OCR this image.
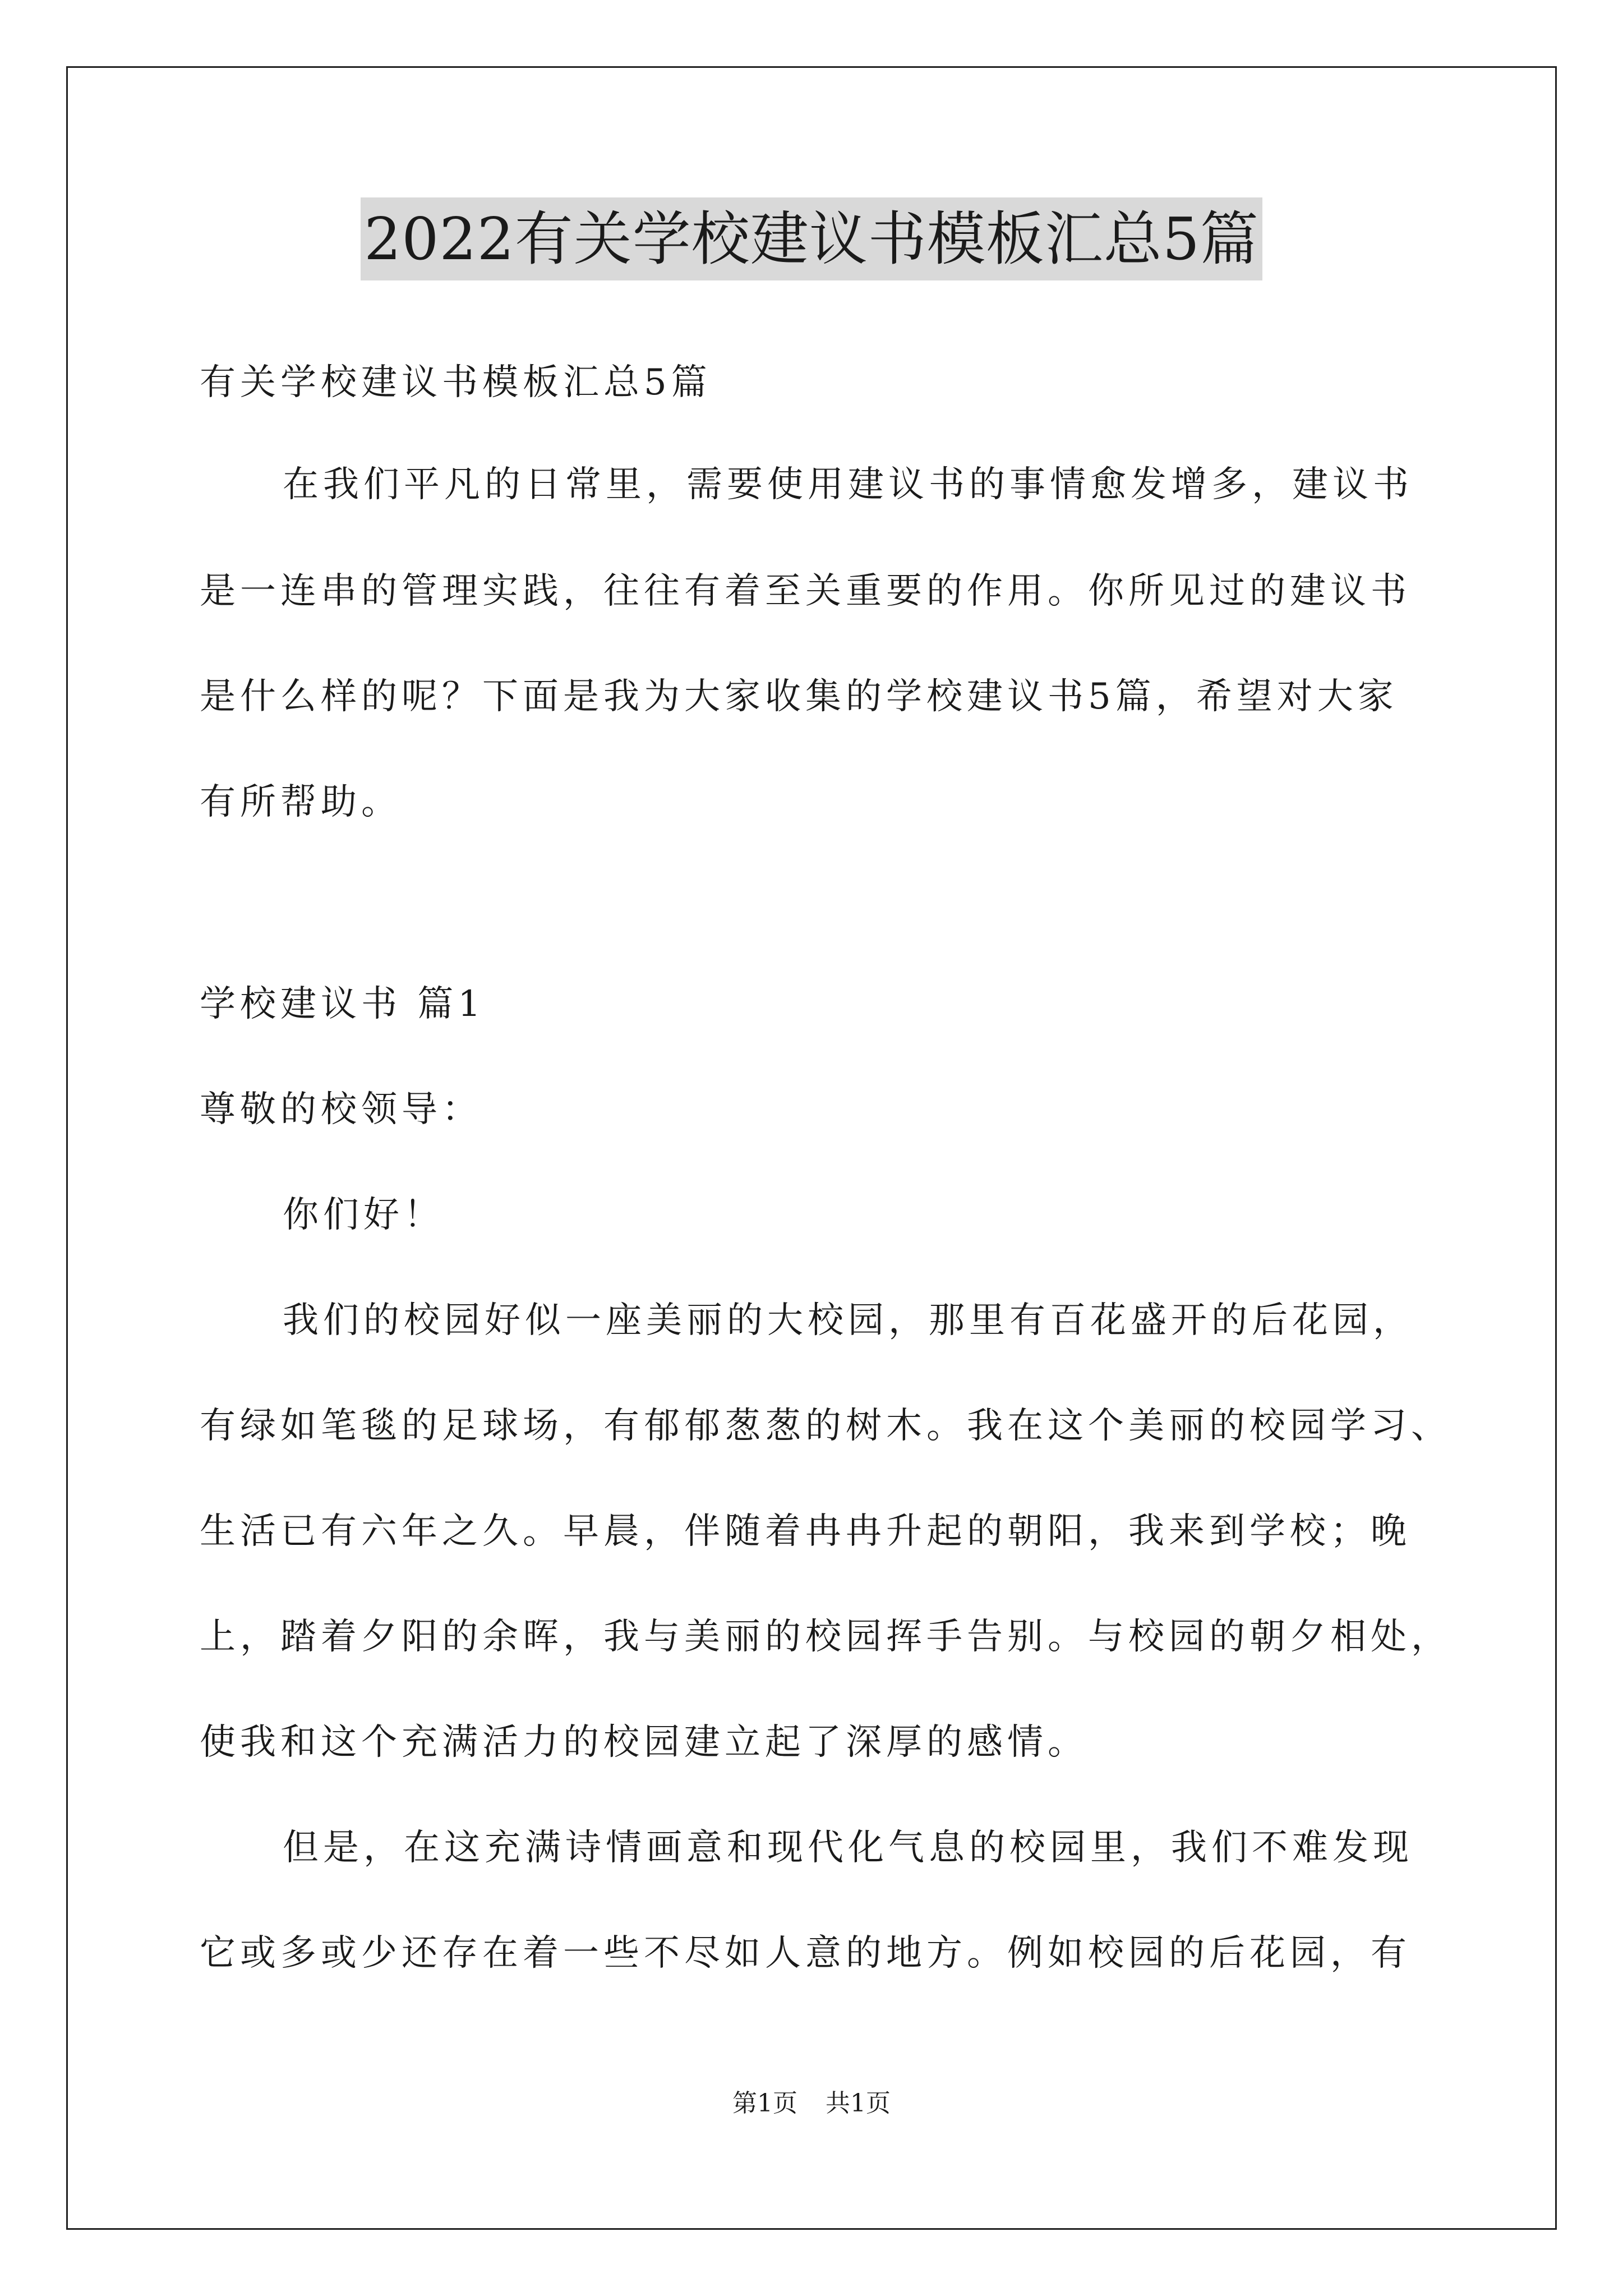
2022有关学校建议书模板汇总5篇
有关学校建议书模板汇总5篇
在我们平凡的日常里，需要使用建议书的事情愈发增多，建议书
是一连串的管理实践，往往有着至关重要的作用。你所见过的建议书
是什么样的呢？下面是我为大家收集的学校建议书5篇，希望对大家
有所帮助。
学校建议书 篇1
尊敬的校领导：
你们好！
我们的校园好似一座美丽的大校园，那里有百花盛开的后花园，
有绿如笔毯的足球场，有郁郁葱葱的树木。我在这个美丽的校园学习、
生活已有六年之久。早晨，伴随着冉冉升起的朝阳，我来到学校；晚
上，踏着夕阳的余晖，我与美丽的校园挥手告别。与校园的朝夕相处，
使我和这个充满活力的校园建立起了深厚的感情。
但是，在这充满诗情画意和现代化气息的校园里，我们不难发现
它或多或少还存在着一些不尽如人意的地方。例如校园的后花园，有
第1页 共1页
